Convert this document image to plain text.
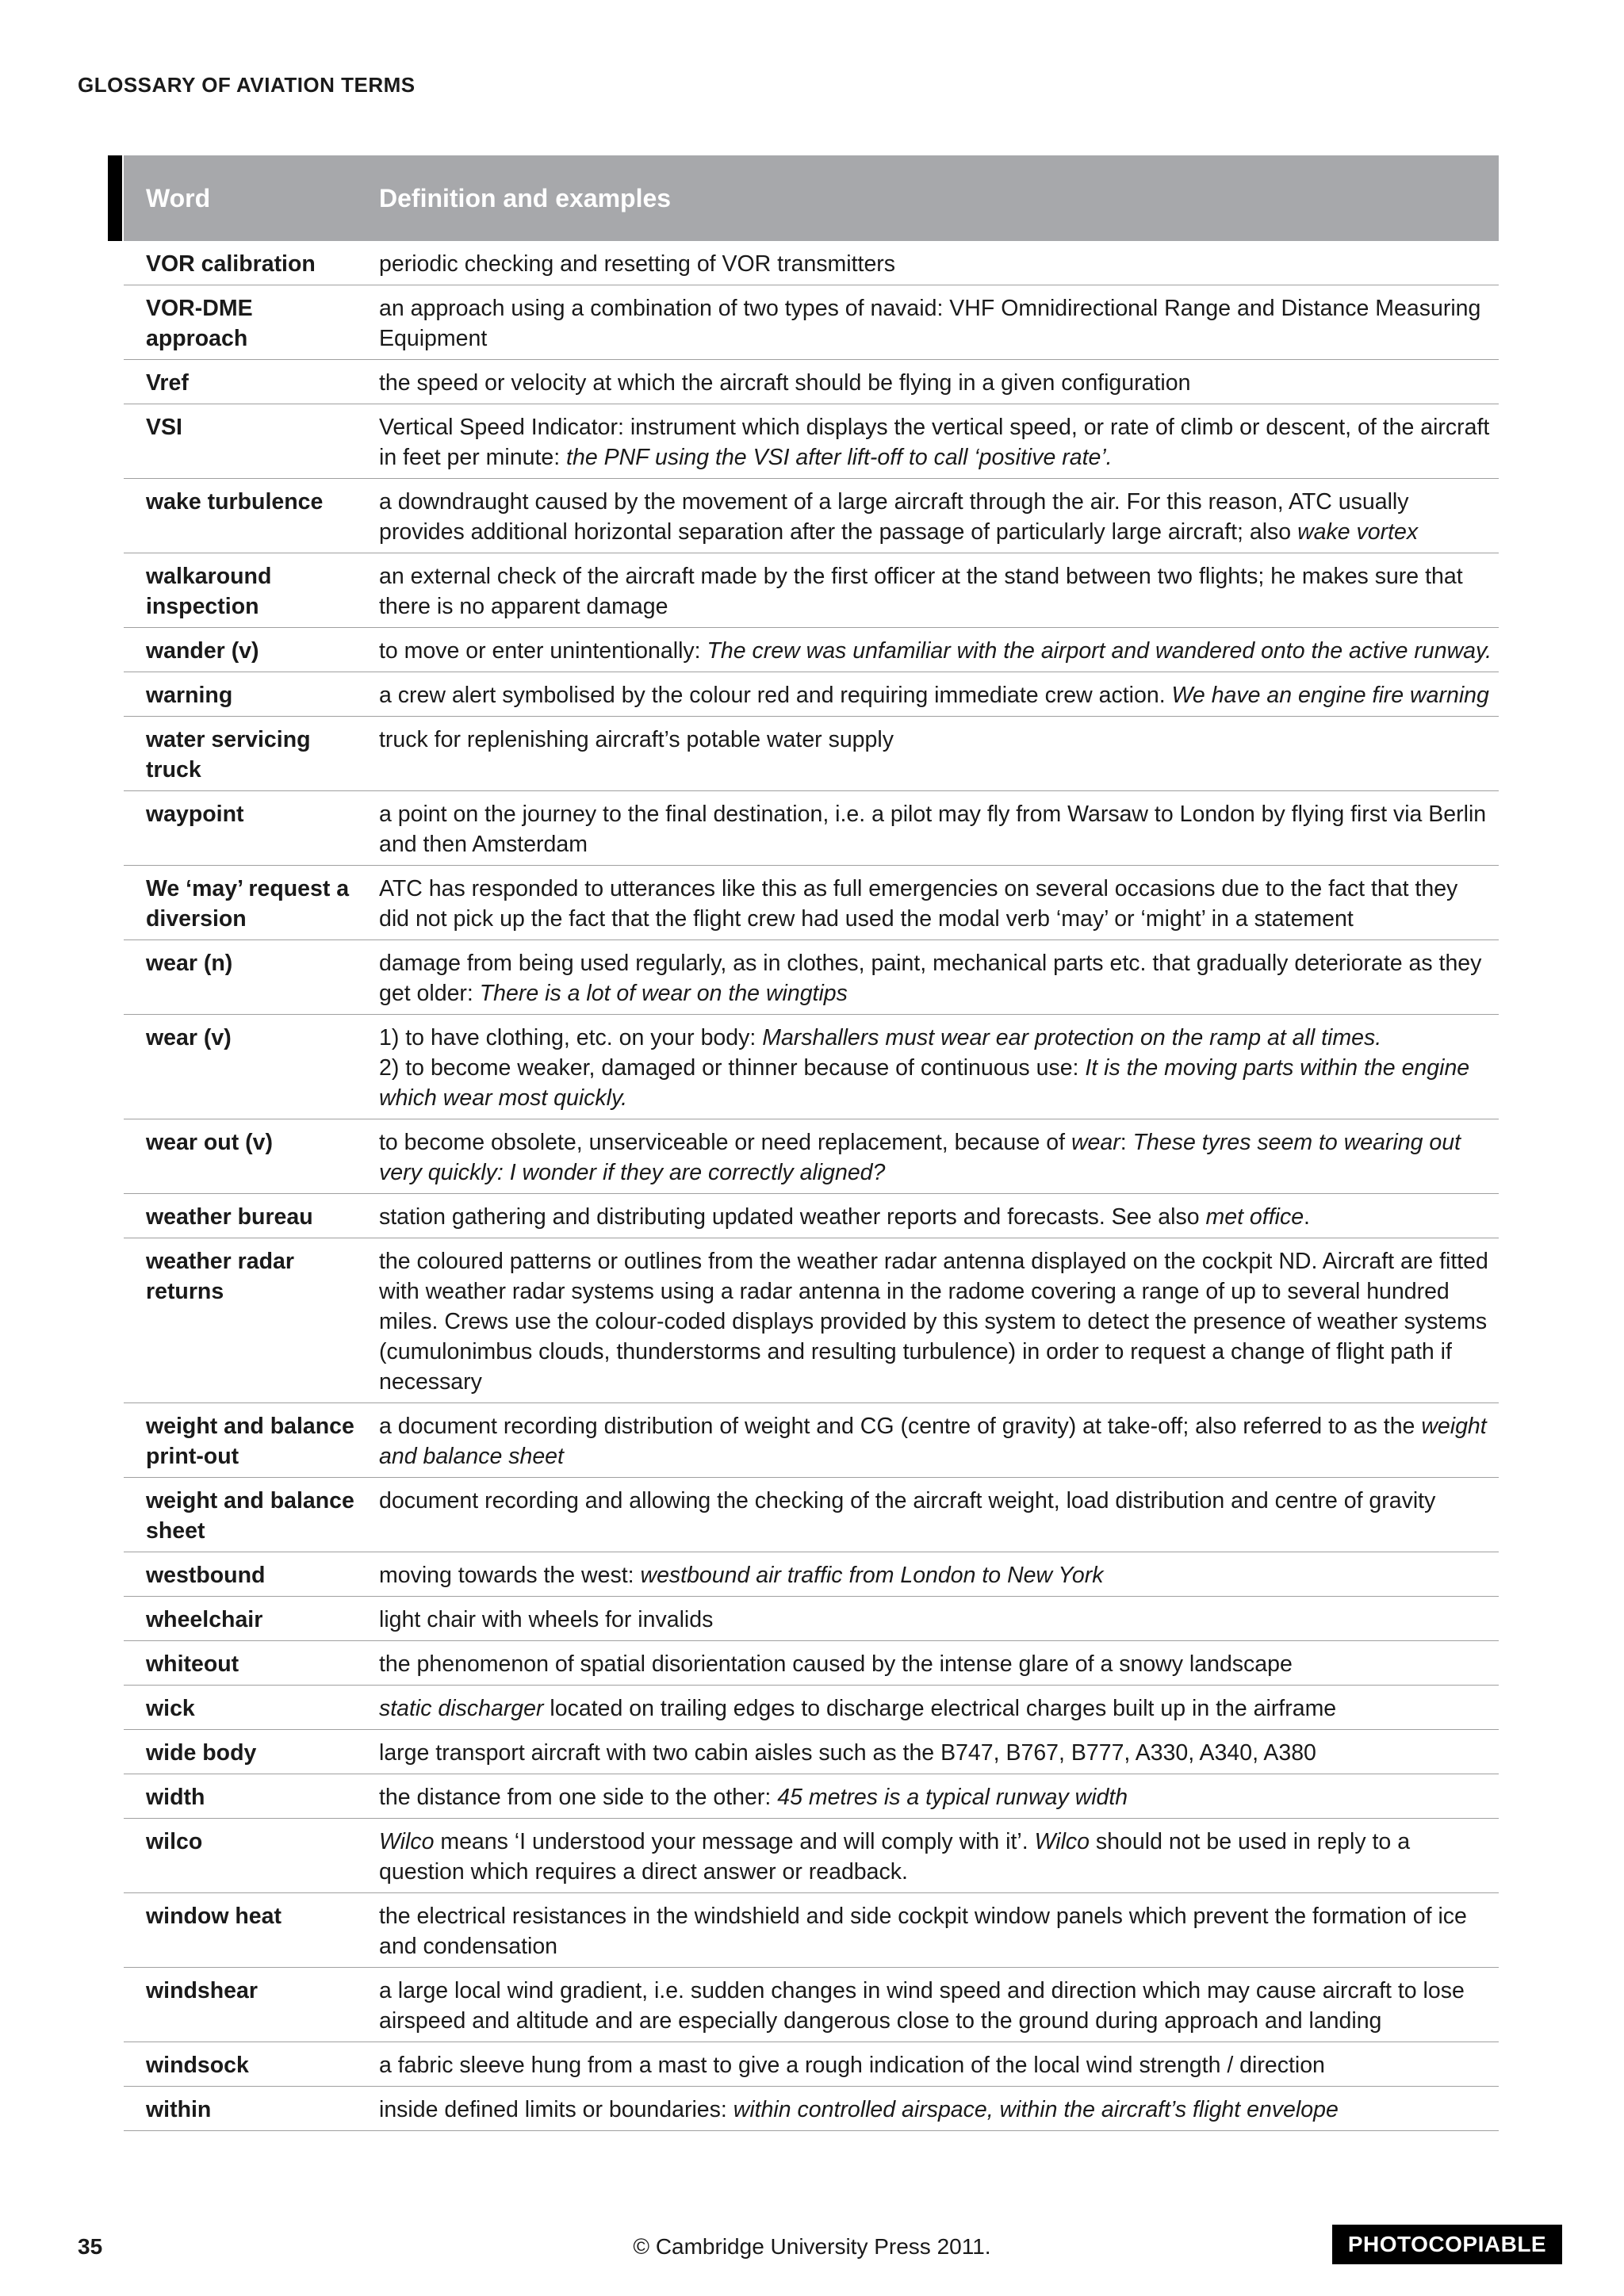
GLOSSARY OF AVIATION TERMS
Word	Definition and examples
VOR calibration	periodic checking and resetting of VOR transmitters
VOR-DME approach	an approach using a combination of two types of navaid: VHF Omnidirectional Range and Distance Measuring Equipment
Vref	the speed or velocity at which the aircraft should be flying in a given configuration
VSI	Vertical Speed Indicator: instrument which displays the vertical speed, or rate of climb or descent, of the aircraft in feet per minute: the PNF using the VSI after lift-off to call ‘positive rate’.
wake turbulence	a downdraught caused by the movement of a large aircraft through the air. For this reason, ATC usually provides additional horizontal separation after the passage of particularly large aircraft; also wake vortex
walkaround inspection	an external check of the aircraft made by the first officer at the stand between two flights; he makes sure that there is no apparent damage
wander (v)	to move or enter unintentionally: The crew was unfamiliar with the airport and wandered onto the active runway.
warning	a crew alert symbolised by the colour red and requiring immediate crew action. We have an engine fire warning
water servicing truck	truck for replenishing aircraft’s potable water supply
waypoint	a point on the journey to the final destination, i.e. a pilot may fly from Warsaw to London by flying first via Berlin and then Amsterdam
We ‘may’ request a diversion	ATC has responded to utterances like this as full emergencies on several occasions due to the fact that they did not pick up the fact that the flight crew had used the modal verb ‘may’ or ‘might’ in a statement
wear (n)	damage from being used regularly, as in clothes, paint, mechanical parts etc. that gradually deteriorate as they get older: There is a lot of wear on the wingtips
wear (v)	1) to have clothing, etc. on your body: Marshallers must wear ear protection on the ramp at all times.
2) to become weaker, damaged or thinner because of continuous use: It is the moving parts within the engine which wear most quickly.
wear out (v)	to become obsolete, unserviceable or need replacement, because of wear: These tyres seem to wearing out very quickly: I wonder if they are correctly aligned?
weather bureau	station gathering and distributing updated weather reports and forecasts. See also met office.
weather radar returns	the coloured patterns or outlines from the weather radar antenna displayed on the cockpit ND. Aircraft are fitted with weather radar systems using a radar antenna in the radome covering a range of up to several hundred miles. Crews use the colour-coded displays provided by this system to detect the presence of weather systems (cumulonimbus clouds, thunderstorms and resulting turbulence) in order to request a change of flight path if necessary
weight and balance print-out	a document recording distribution of weight and CG (centre of gravity) at take-off; also referred to as the weight and balance sheet
weight and balance sheet	document recording and allowing the checking of the aircraft weight, load distribution and centre of gravity
westbound	moving towards the west: westbound air traffic from London to New York
wheelchair	light chair with wheels for invalids
whiteout	the phenomenon of spatial disorientation caused by the intense glare of a snowy landscape
wick	static discharger located on trailing edges to discharge electrical charges built up in the airframe
wide body	large transport aircraft with two cabin aisles such as the B747, B767, B777, A330, A340, A380
width	the distance from one side to the other: 45 metres is a typical runway width
wilco	Wilco means ‘I understood your message and will comply with it’. Wilco should not be used in reply to a question which requires a direct answer or readback.
window heat	the electrical resistances in the windshield and side cockpit window panels which prevent the formation of ice and condensation
windshear	a large local wind gradient, i.e. sudden changes in wind speed and direction which may cause aircraft to lose airspeed and altitude and are especially dangerous close to the ground during approach and landing
windsock	a fabric sleeve hung from a mast to give a rough indication of the local wind strength / direction
within	inside defined limits or boundaries: within controlled airspace, within the aircraft’s flight envelope
35	© Cambridge University Press 2011.	PHOTOCOPIABLE
